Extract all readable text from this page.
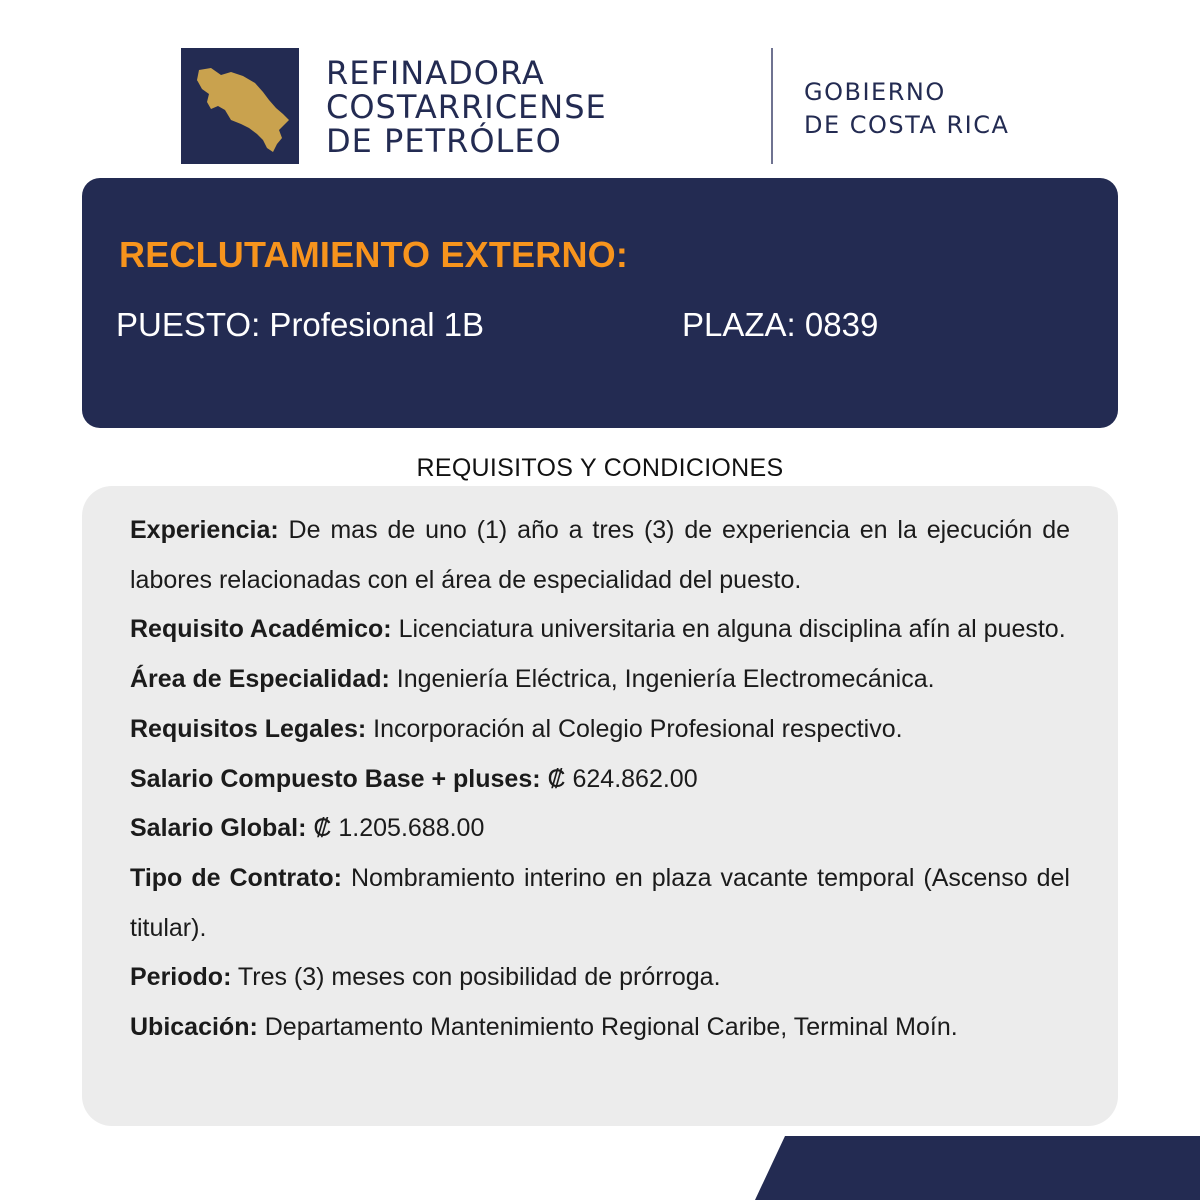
REFINADORA
COSTARRICENSE
DE PETRÓLEO
GOBIERNO
DE COSTA RICA
RECLUTAMIENTO EXTERNO:
PUESTO: Profesional 1B	PLAZA: 0839
REQUISITOS Y CONDICIONES
Experiencia: De mas de uno (1) año a tres (3) de experiencia en la ejecución de labores relacionadas con el área de especialidad del puesto.
Requisito Académico: Licenciatura universitaria en alguna disciplina afín al puesto.
Área de Especialidad: Ingeniería Eléctrica, Ingeniería Electromecánica.
Requisitos Legales: Incorporación al Colegio Profesional respectivo.
Salario Compuesto Base + pluses: ₡ 624.862.00
Salario Global: ₡ 1.205.688.00
Tipo de Contrato: Nombramiento interino en plaza vacante temporal (Ascenso del titular).
Periodo: Tres (3) meses con posibilidad de prórroga.
Ubicación: Departamento Mantenimiento Regional Caribe, Terminal Moín.
